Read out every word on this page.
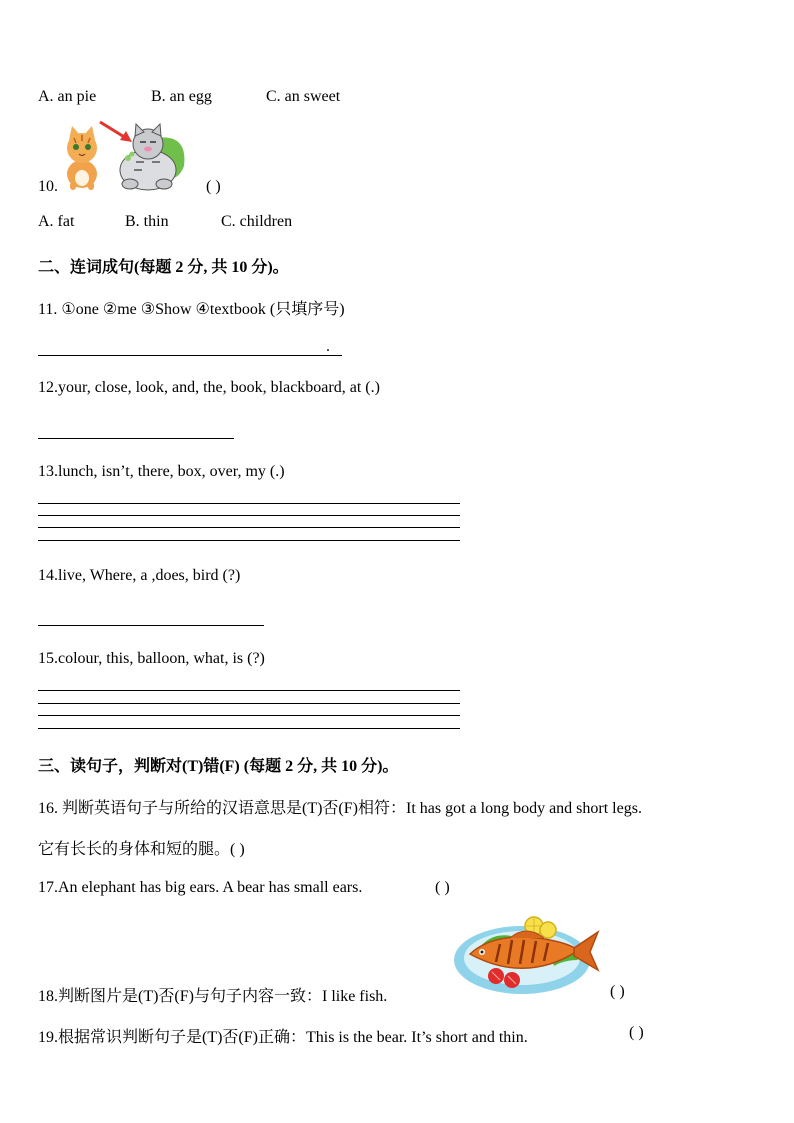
A. an pie	B. an egg	C. an sweet
10.	( )
A. fat	B. thin	C. children
二、连词成句(每题 2 分, 共 10 分)。
11. ①one ②me ③Show ④textbook (只填序号)
.
12.your, close, look, and, the, book, blackboard, at (.)
13.lunch, isn’t, there, box, over, my (.)
14.live, Where, a ,does, bird (?)
15.colour, this, balloon, what, is (?)
三、读句子，判断对(T)错(F) (每题 2 分, 共 10 分)。
16. 判断英语句子与所给的汉语意思是(T)否(F)相符：It has got a long body and short legs.
它有长长的身体和短的腿。( )
17.An elephant has big ears. A bear has small ears.	( )
18.判断图片是(T)否(F)与句子内容一致：I like fish.	( )
19.根据常识判断句子是(T)否(F)正确：This is the bear. It’s short and thin.	( )
